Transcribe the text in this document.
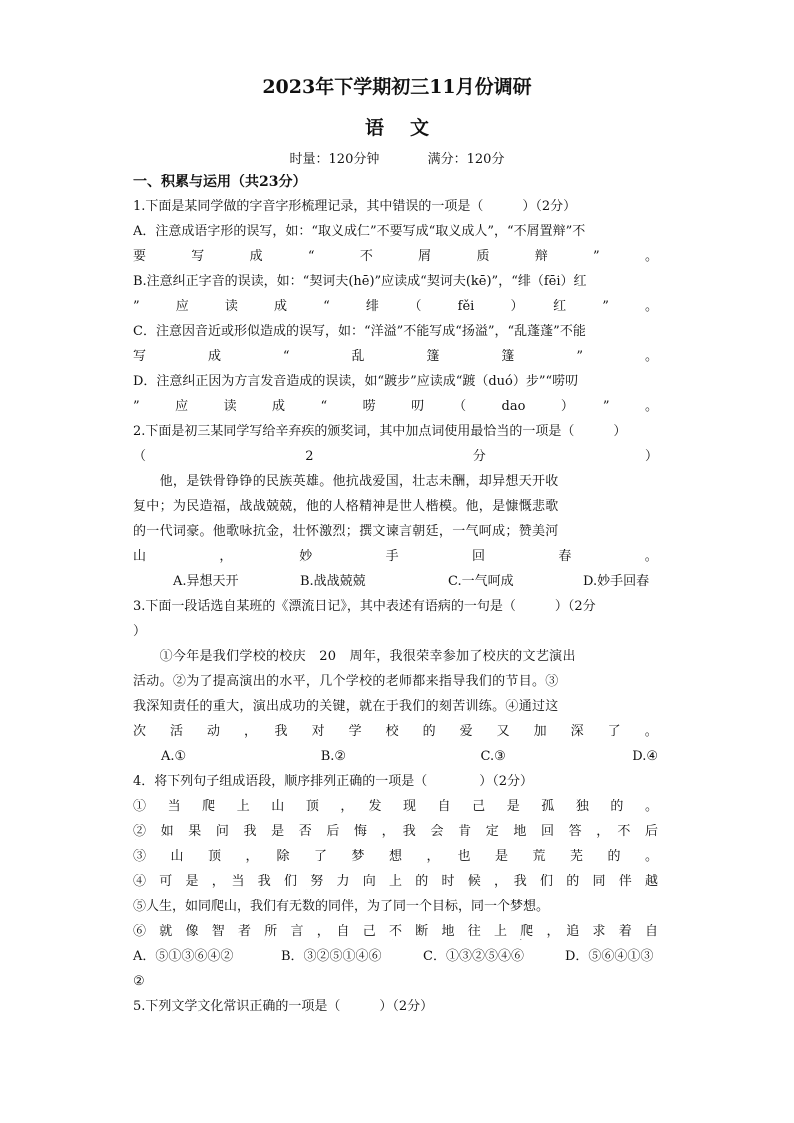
2023年下学期初三11月份调研
语文
时量：120分钟	满分：120分
一、积累与运用（共23分）
1.下面是某同学做的字音字形梳理记录，其中错误的一项是（　　　）（2分）
A．注意成语字形的误写，如：“取义成仁”不要写成“取义成人”，“不屑置辩”不
要　写　成　“　不　屑　质　辩　”　。
B.注意纠正字音的误读，如：“契诃夫(hē)”应读成“契诃夫(kē)”，“绯（fēi）红
”　应　读　成　“　绯　（　fěi　）　红　”　。
C．注意因音近或形似造成的误写，如：“洋溢”不能写成“扬溢”，“乱蓬蓬”不能
写　成　“　乱　篷　篷　”　。
D．注意纠正因为方言发音造成的误读，如“踱步”应读成“踱（duó）步”“唠叨
”　应　读　成　“　唠　叨　（　dao　）　”　。
2.下面是初三某同学写给辛弃疾的颁奖词，其中加点词使用最恰当的一项是（　　　）
（　　　2　　　分　　　）
　　他，是铁骨铮铮的民族英雄。他抗战爱国，壮志未酬，却异想天开收
复中；为民造福，战战兢兢，他的人格精神是世人楷模。他，是慷慨悲歌
的一代词豪。他歌咏抗金，壮怀激烈；撰文谏言朝廷，一气呵成；赞美河
山　，　妙　手　回　春　。
A.异想天开	B.战战兢兢	C.一气呵成	D.妙手回春
3.下面一段话选自某班的《漂流日记》，其中表述有语病的一句是（　　　）（2分
）
　　①今年是我们学校的校庆　20　周年，我很荣幸参加了校庆的文艺演出
活动。②为了提高演出的水平，几个学校的老师都来指导我们的节目。③
我深知责任的重大，演出成功的关键，就在于我们的刻苦训练。④通过这
次　活　动　，　我　对　学　校　的　爱　又　加　深　了　。
A.①	B.②	C.③	D.④
4．将下列句子组成语段，顺序排列正确的一项是（　　　　）（2分）
①　当　爬　上　山　顶　，　发　现　自　己　是　孤　独　的　。
②　如　果　问　我　是　否　后　悔　，　我　会　肯　定　地　回　答　，　不　后　　
③　山　顶　，　除　了　梦　想　，　也　是　荒　芜　的　。
④　可　是　，　当　我　们　努　力　向　上　的　时　候　，　我　们　的　同　伴　越　　　　
⑤人生，如同爬山，我们有无数的同伴，为了同一个目标，同一个梦想。
⑥　就　像　智　者　所　言　，　自　己　不　断　地　往　上　爬　，　追　求　着　自　　　　　
A．⑤①③⑥④②	B．③②⑤①④⑥	C．①③②⑤④⑥	D．⑤⑥④①③
②
5.下列文学文化常识正确的一项是（　　　）（2分）
